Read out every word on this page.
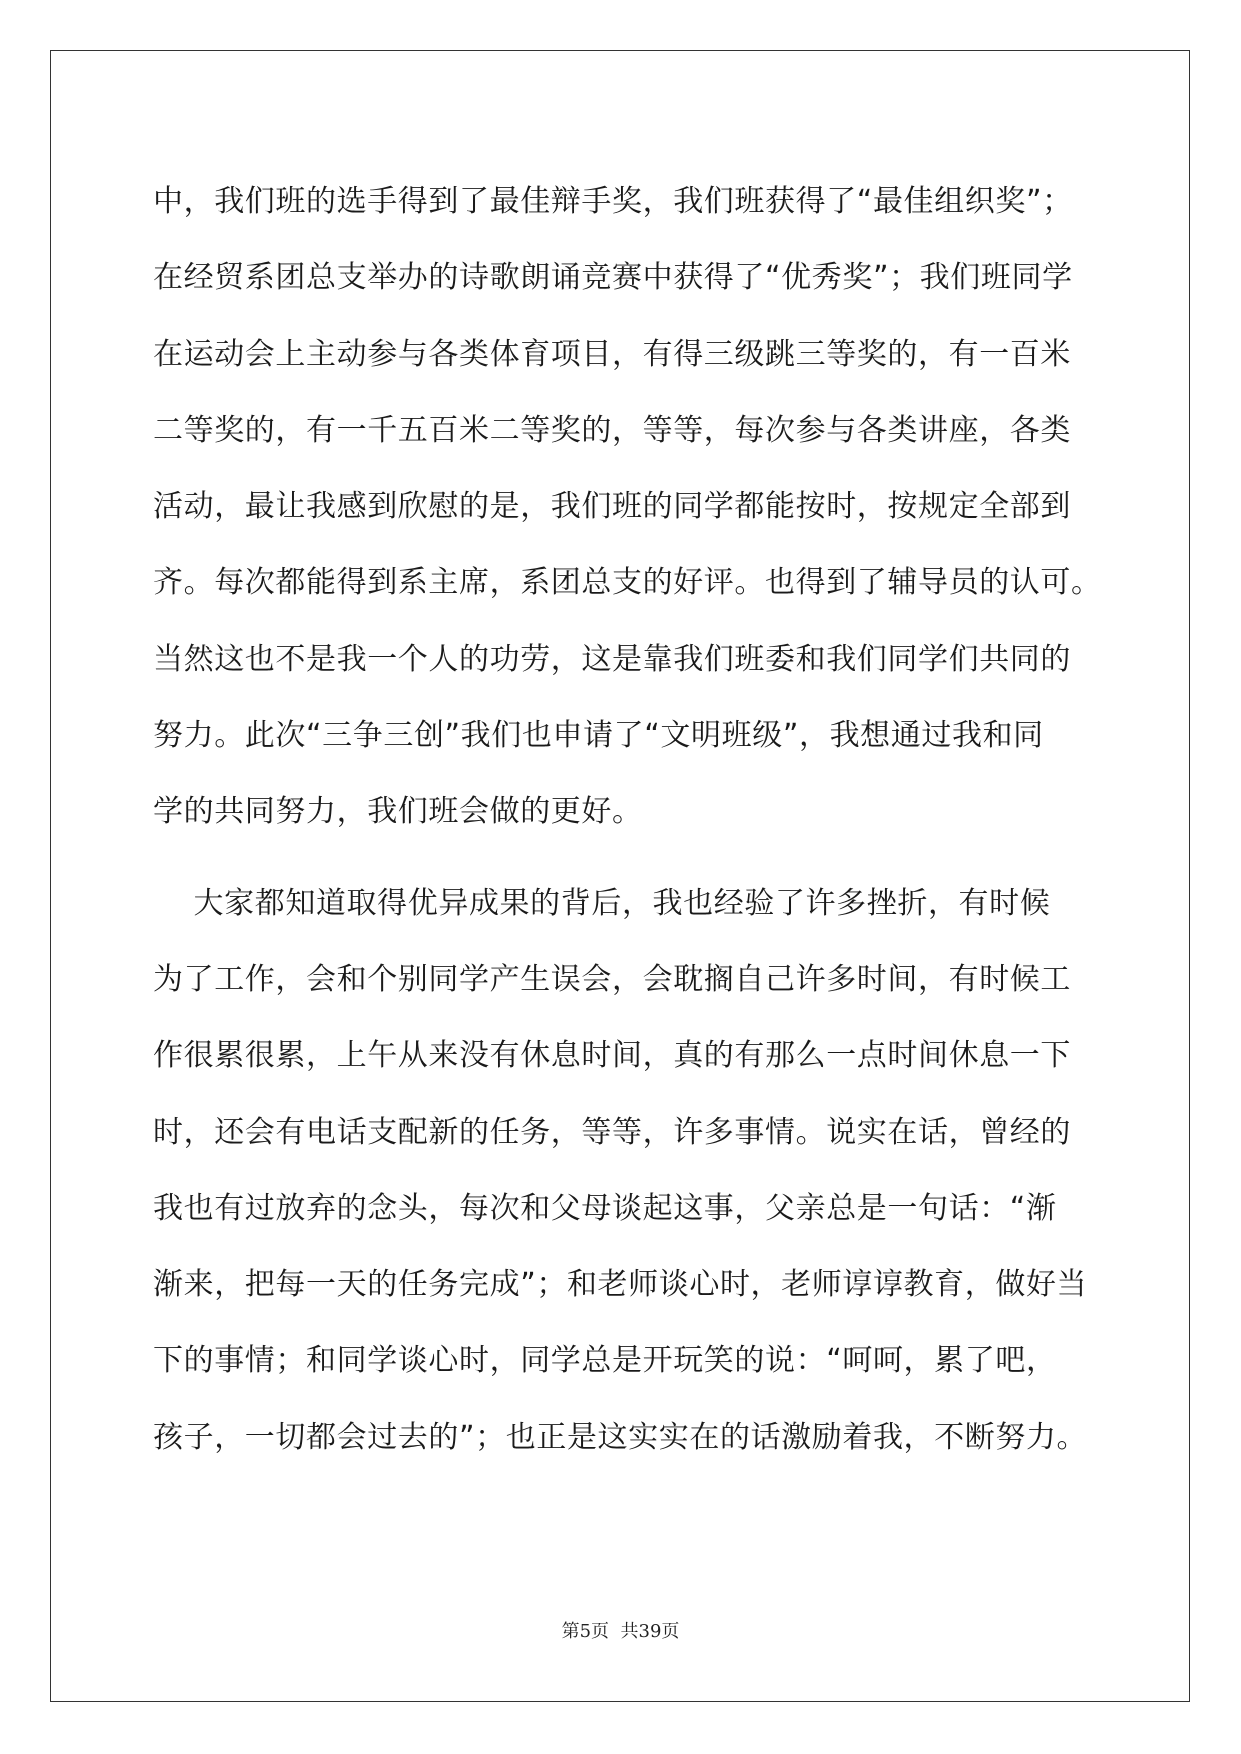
中，我们班的选手得到了最佳辩手奖，我们班获得了“最佳组织奖”；
在经贸系团总支举办的诗歌朗诵竞赛中获得了“优秀奖”；我们班同学
在运动会上主动参与各类体育项目，有得三级跳三等奖的，有一百米
二等奖的，有一千五百米二等奖的，等等，每次参与各类讲座，各类
活动，最让我感到欣慰的是，我们班的同学都能按时，按规定全部到
齐。每次都能得到系主席，系团总支的好评。也得到了辅导员的认可。
当然这也不是我一个人的功劳，这是靠我们班委和我们同学们共同的
努力。此次“三争三创”我们也申请了“文明班级”，我想通过我和同
学的共同努力，我们班会做的更好。
大家都知道取得优异成果的背后，我也经验了许多挫折，有时候
为了工作，会和个别同学产生误会，会耽搁自己许多时间，有时候工
作很累很累，上午从来没有休息时间，真的有那么一点时间休息一下
时，还会有电话支配新的任务，等等，许多事情。说实在话，曾经的
我也有过放弃的念头，每次和父母谈起这事，父亲总是一句话：“渐
渐来，把每一天的任务完成”；和老师谈心时，老师谆谆教育，做好当
下的事情；和同学谈心时，同学总是开玩笑的说：“呵呵，累了吧，
孩子，一切都会过去的”；也正是这实实在的话激励着我，不断努力。
第5页  共39页
